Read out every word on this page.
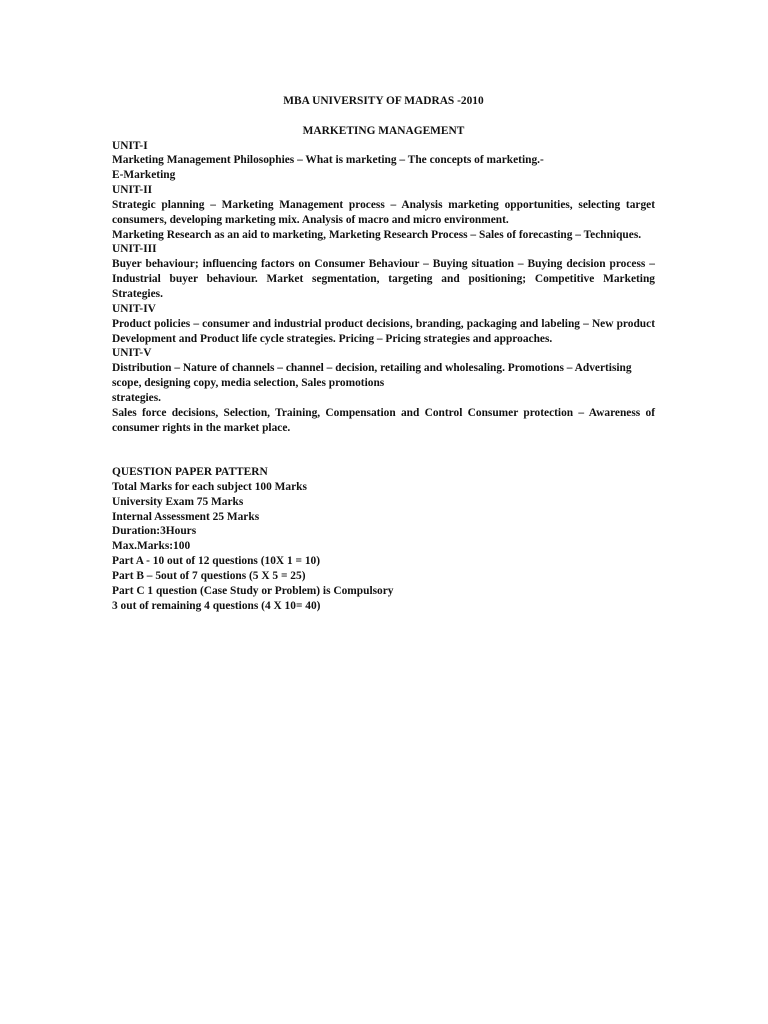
MBA UNIVERSITY OF MADRAS -2010

MARKETING MANAGEMENT

UNIT-I

Marketing Management Philosophies – What is marketing – The concepts of marketing.-

E-Marketing

UNIT-II

Strategic planning – Marketing Management process – Analysis marketing opportunities, selecting target consumers, developing marketing mix. Analysis of macro and micro environment.

Marketing Research as an aid to marketing, Marketing Research Process – Sales of forecasting – Techniques.

UNIT-III

Buyer behaviour; influencing factors on Consumer Behaviour – Buying situation – Buying decision process – Industrial buyer behaviour. Market segmentation, targeting and positioning; Competitive Marketing Strategies.

UNIT-IV

Product policies – consumer and industrial product decisions, branding, packaging and labeling – New product Development and Product life cycle strategies. Pricing – Pricing strategies and approaches.

UNIT-V

Distribution – Nature of channels – channel – decision, retailing and wholesaling. Promotions – Advertising scope, designing copy, media selection, Sales promotions

strategies.

Sales force decisions, Selection, Training, Compensation and Control Consumer protection – Awareness of consumer rights in the market place.

QUESTION PAPER PATTERN

Total Marks for each subject 100 Marks

University Exam 75 Marks

Internal Assessment 25 Marks

Duration:3Hours

Max.Marks:100

Part A - 10 out of 12 questions (10X 1 = 10)

Part B – 5out of 7 questions (5 X 5 = 25)

Part C 1 question (Case Study or Problem) is Compulsory

3 out of remaining 4 questions (4 X 10= 40)
